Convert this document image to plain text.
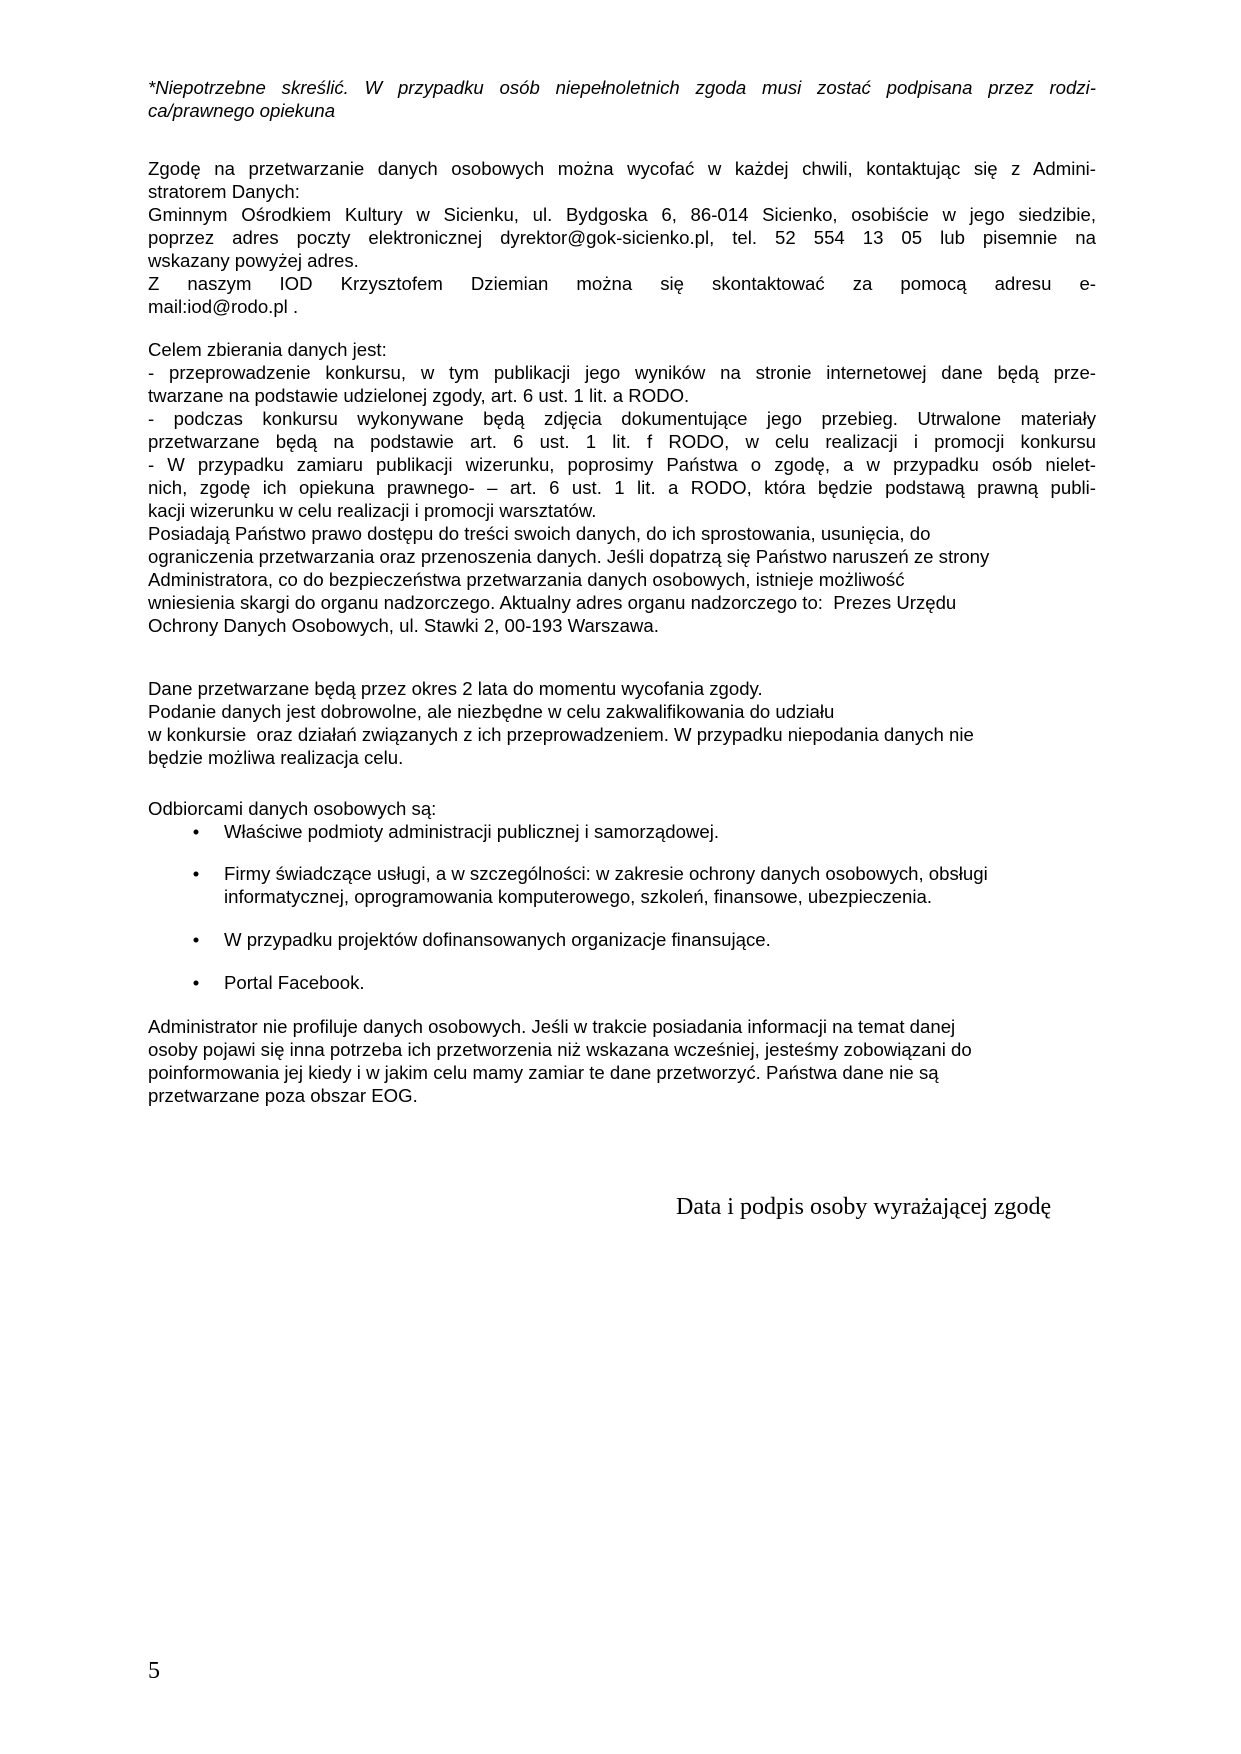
*Niepotrzebne skreślić. W przypadku osób niepełnoletnich zgoda musi zostać podpisana przez rodzi-
ca/prawnego opiekuna
Zgodę na przetwarzanie danych osobowych można wycofać w każdej chwili, kontaktując się z Admini-
stratorem Danych:
Gminnym Ośrodkiem Kultury w Sicienku, ul. Bydgoska 6, 86-014 Sicienko, osobiście w jego siedzibie,
poprzez adres poczty elektronicznej dyrektor@gok-sicienko.pl, tel. 52 554 13 05 lub pisemnie na
wskazany powyżej adres.
Z naszym IOD Krzysztofem Dziemian można się skontaktować za pomocą adresu e-
mail:iod@rodo.pl .
Celem zbierania danych jest:
- przeprowadzenie konkursu, w tym publikacji jego wyników na stronie internetowej dane będą prze-
twarzane na podstawie udzielonej zgody, art. 6 ust. 1 lit. a RODO.
- podczas konkursu wykonywane będą zdjęcia dokumentujące jego przebieg. Utrwalone materiały
przetwarzane będą na podstawie art. 6 ust. 1 lit. f RODO, w celu realizacji i promocji konkursu
- W przypadku zamiaru publikacji wizerunku, poprosimy Państwa o zgodę, a w przypadku osób nielet-
nich, zgodę ich opiekuna prawnego- – art. 6 ust. 1 lit. a RODO, która będzie podstawą prawną publi-
kacji wizerunku w celu realizacji i promocji warsztatów.
Posiadają Państwo prawo dostępu do treści swoich danych, do ich sprostowania, usunięcia, do
ograniczenia przetwarzania oraz przenoszenia danych. Jeśli dopatrzą się Państwo naruszeń ze strony
Administratora, co do bezpieczeństwa przetwarzania danych osobowych, istnieje możliwość
wniesienia skargi do organu nadzorczego. Aktualny adres organu nadzorczego to:  Prezes Urzędu
Ochrony Danych Osobowych, ul. Stawki 2, 00-193 Warszawa.
Dane przetwarzane będą przez okres 2 lata do momentu wycofania zgody.
Podanie danych jest dobrowolne, ale niezbędne w celu zakwalifikowania do udziału
w konkursie  oraz działań związanych z ich przeprowadzeniem. W przypadku niepodania danych nie
będzie możliwa realizacja celu.
Odbiorcami danych osobowych są:
• Właściwe podmioty administracji publicznej i samorządowej.
• Firmy świadczące usługi, a w szczególności: w zakresie ochrony danych osobowych, obsługi
informatycznej, oprogramowania komputerowego, szkoleń, finansowe, ubezpieczenia.
• W przypadku projektów dofinansowanych organizacje finansujące.
• Portal Facebook.
Administrator nie profiluje danych osobowych. Jeśli w trakcie posiadania informacji na temat danej
osoby pojawi się inna potrzeba ich przetworzenia niż wskazana wcześniej, jesteśmy zobowiązani do
poinformowania jej kiedy i w jakim celu mamy zamiar te dane przetworzyć. Państwa dane nie są
przetwarzane poza obszar EOG.
Data i podpis osoby wyrażającej zgodę
5
